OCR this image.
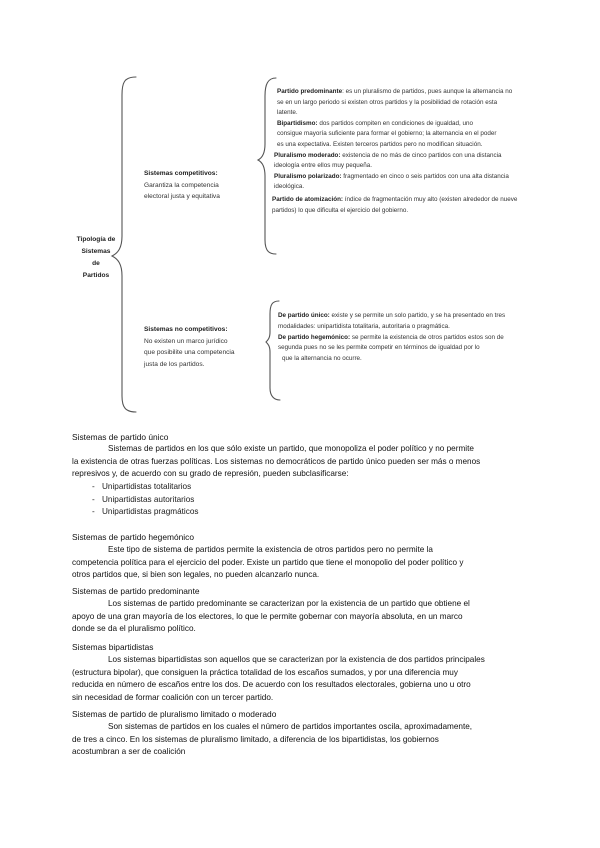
Tipología de
Sistemas
de
Partidos
Sistemas competitivos:
Garantiza la competencia
electoral justa y equitativa
Partido predominante: es un pluralismo de partidos, pues aunque la alternancia no
se en un largo periodo si existen otros partidos y la posibilidad de rotación esta
latente.
Bipartidismo: dos partidos compiten en condiciones de igualdad, uno
consigue mayoría suficiente para formar el gobierno; la alternancia en el poder
es una expectativa. Existen terceros partidos pero no modifican situación.
Pluralismo moderado: existencia de no más de cinco partidos con una distancia
ideología entre ellos muy pequeña.
Pluralismo polarizado: fragmentado en cinco o seis partidos con una alta distancia
ideológica.
Partido de atomización: índice de fragmentación muy alto (existen alrededor de nueve
partidos) lo que dificulta el ejercicio del gobierno.
Sistemas no competitivos:
No existen un marco jurídico
que posibilite una competencia
justa de los partidos.
De partido único: existe y se permite un solo partido, y se ha presentado en tres
modalidades: unipartidista totalitaria, autoritaria o pragmática.
De partido hegemónico: se permite la existencia de otros partidos estos son de
segunda pues no se les permite competir en términos de igualdad por lo
que la alternancia no ocurre.
Sistemas de partido único
Sistemas de partidos en los que sólo existe un partido, que monopoliza el poder político y no permite
la existencia de otras fuerzas políticas. Los sistemas no democráticos de partido único pueden ser más o menos
represivos y, de acuerdo con su grado de represión, pueden subclasificarse:
- Unipartidistas totalitarios
- Unipartidistas autoritarios
- Unipartidistas pragmáticos
Sistemas de partido hegemónico
Este tipo de sistema de partidos permite la existencia de otros partidos pero no permite la
competencia política para el ejercicio del poder. Existe un partido que tiene el monopolio del poder político y
otros partidos que, si bien son legales, no pueden alcanzarlo nunca.
Sistemas de partido predominante
Los sistemas de partido predominante se caracterizan por la existencia de un partido que obtiene el
apoyo de una gran mayoría de los electores, lo que le permite gobernar con mayoría absoluta, en un marco
donde se da el pluralismo político.
Sistemas bipartidistas
Los sistemas bipartidistas son aquellos que se caracterizan por la existencia de dos partidos principales
(estructura bipolar), que consiguen la práctica totalidad de los escaños sumados, y por una diferencia muy
reducida en número de escaños entre los dos. De acuerdo con los resultados electorales, gobierna uno u otro
sin necesidad de formar coalición con un tercer partido.
Sistemas de partido de pluralismo limitado o moderado
Son sistemas de partidos en los cuales el número de partidos importantes oscila, aproximadamente,
de tres a cinco. En los sistemas de pluralismo limitado, a diferencia de los bipartidistas, los gobiernos
acostumbran a ser de coalición
